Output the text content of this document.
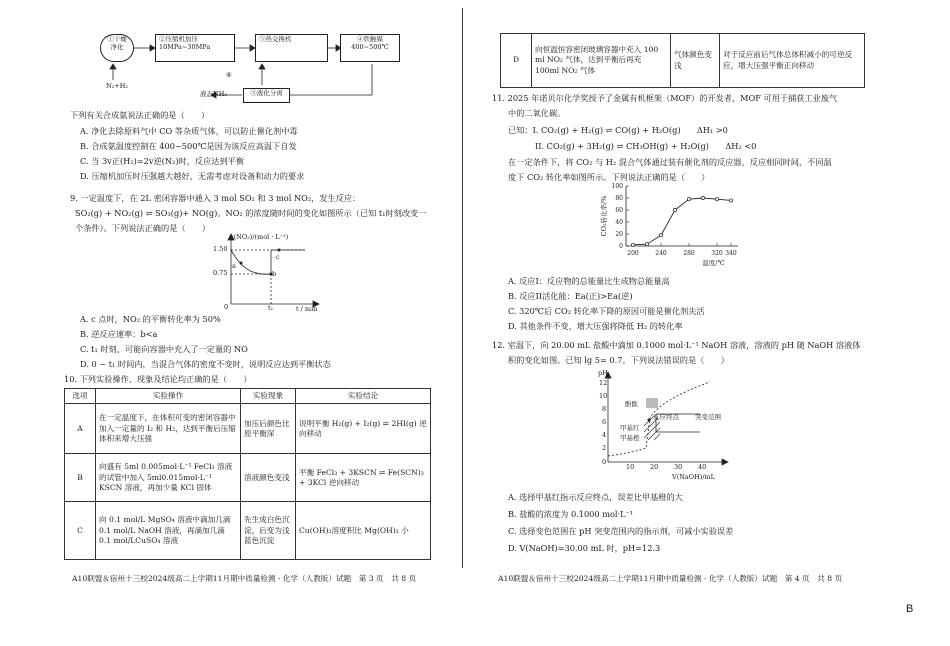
①干燥
净化
②压缩机加压
10MPa~30MPa
③热交换机	④铁触媒
400~500℃
⑤液化分离
⑥
N₂+H₂
液态NH₃
下列有关合成氨说法正确的是（　　）
A. 净化去除原料气中 CO 等杂质气体，可以防止催化剂中毒
B. 合成氨温度控制在 400~500℃是因为该反应高温下自发
C. 当 3v正(H₂)=2v逆(N₂)时，反应达到平衡
D. 压缩机加压时压强越大越好，无需考虑对设备和动力的要求
9. 一定温度下，在 2L 密闭容器中通入 3 mol SO₂ 和 3 mol NO₂，发生反应：
SO₂(g) + NO₂(g) ⇌ SO₃(g)+ NO(g)。NO₂ 的浓度随时间的变化如图所示（已知 t₁时刻改变一
个条件）。下列说法正确的是（　　）
c(NO₂)/(mol · L⁻¹)
1.50
0.75
0	t₁	t / min
a
b
c
A. c 点时，NO₂ 的平衡转化率为 50%
B. 逆反应速率：b<a
C. t₁ 时刻，可能向容器中充入了一定量的 NO
D. 0 ~ t₁ 时间内，当混合气体的密度不变时，说明反应达到平衡状态
10. 下列实验操作、现象及结论均正确的是（　　）
选项	实验操作	实验现象	实验结论
A	在一定温度下，在体积可变的密闭容器中加入一定量的 I₂ 和 H₂，达到平衡后压缩体积来增大压强	加压后颜色比原平衡深	说明平衡 H₂(g) + I₂(g) ⇌ 2HI(g) 逆向移动
B	向盛有 5ml 0.005mol·L⁻¹ FeCl₃ 溶液的试管中加入 5ml0.015mol·L⁻¹ KSCN 溶液，再加少量 KCl 固体	溶液颜色变浅	平衡 FeCl₃ + 3KSCN ⇌ Fe(SCN)₃ + 3KCl 逆向移动
C	向 0.1 mol/L MgSO₄ 溶液中滴加几滴 0.1 mol/L NaOH 溶液，再滴加几滴 0.1 mol/LCuSO₄ 溶液	先生成白色沉淀，后变为浅蓝色沉淀	Cu(OH)₂溶度积比 Mg(OH)₂ 小
A10联盟＆宿州十三校2024级高二上学期11月期中质量检测 · 化学（人教版）试题　第 3 页　共 8 页
D	向恒温恒容密闭玻璃容器中充入 100 ml NO₂ 气体，达到平衡后再充 100ml NO₂ 气体	气体颜色变浅	对于反应前后气体总体积减小的可逆反应，增大压强平衡正向移动
11. 2025 年诺贝尔化学奖授予了金属有机框架（MOF）的开发者，MOF 可用于捕获工业废气
中的二氧化碳。
已知：I. CO₂(g) + H₂(g) ⇌ CO(g) + H₂O(g)　　ΔH₁ >0
II. CO₂(g) + 3H₂(g) ⇌ CH₃OH(g) + H₂O(g)　　ΔH₂ <0
在一定条件下，将 CO₂ 与 H₂ 混合气体通过装有催化剂的反应器，反应相同时间，不同温
度下 CO₂ 转化率如图所示。下列说法正确的是（　　）
0
20
40
60
80
100
200	240	280	320 340
温度/℃
CO₂转化率/%
A. 反应I：反应物的总能量比生成物总能量高
B. 反应II活化能：Ea(正)>Ea(逆)
C. 320℃后 CO₂ 转化率下降的原因可能是催化剂失活
D. 其他条件不变，增大压强将降低 H₂ 的转化率
12. 室温下，向 20.00 mL 盐酸中滴加 0.1000 mol·L⁻¹ NaOH 溶液，溶液的 pH 随 NaOH 溶液体
积的变化如图。已知 lg 5= 0.7。下列说法错误的是（　　）
pH
12
10
8
6
4
2
0
10 20 30 40
V(NaOH)/mL
酚酞
反应终点 突变范围
甲基红
甲基橙
A. 选择甲基红指示反应终点，误差比甲基橙的大
B. 盐酸的浓度为 0.1000 mol·L⁻¹
C. 选择变色范围在 pH 突变范围内的指示剂，可减小实验误差
D. V(NaOH)=30.00 mL 时，pH=12.3
A10联盟＆宿州十三校2024级高二上学期11月期中质量检测 · 化学（人教版）试题　第 4 页　共 8 页
B
